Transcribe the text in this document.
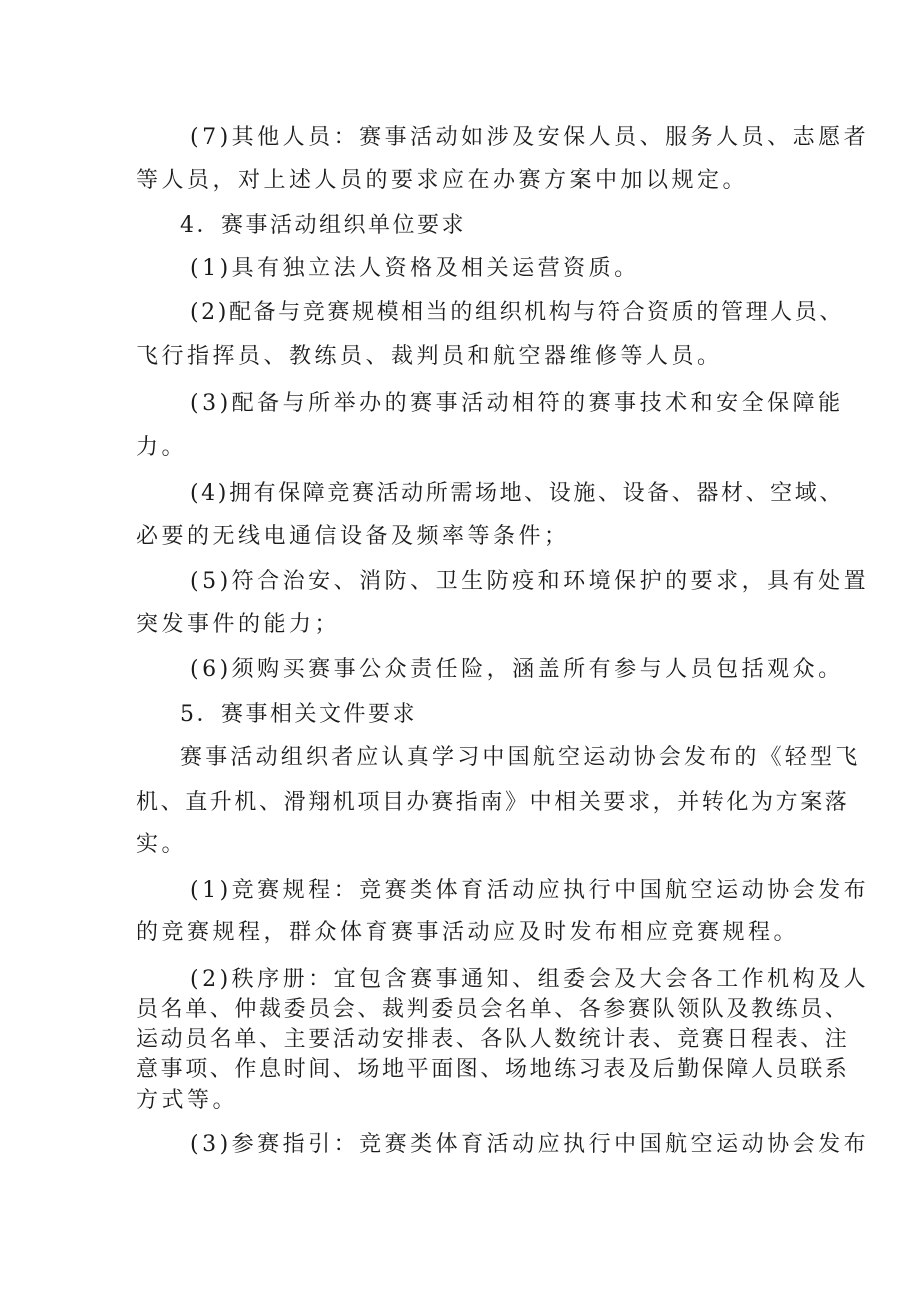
(7)其他人员：赛事活动如涉及安保人员、服务人员、志愿者
等人员，对上述人员的要求应在办赛方案中加以规定。
4．赛事活动组织单位要求
(1)具有独立法人资格及相关运营资质。
(2)配备与竞赛规模相当的组织机构与符合资质的管理人员、
飞行指挥员、教练员、裁判员和航空器维修等人员。
(3)配备与所举办的赛事活动相符的赛事技术和安全保障能
力。
(4)拥有保障竞赛活动所需场地、设施、设备、器材、空域、
必要的无线电通信设备及频率等条件；
(5)符合治安、消防、卫生防疫和环境保护的要求，具有处置
突发事件的能力；
(6)须购买赛事公众责任险，涵盖所有参与人员包括观众。
5．赛事相关文件要求
赛事活动组织者应认真学习中国航空运动协会发布的《轻型飞
机、直升机、滑翔机项目办赛指南》中相关要求，并转化为方案落
实。
(1)竞赛规程：竞赛类体育活动应执行中国航空运动协会发布
的竞赛规程，群众体育赛事活动应及时发布相应竞赛规程。
(2)秩序册：宜包含赛事通知、组委会及大会各工作机构及人
员名单、仲裁委员会、裁判委员会名单、各参赛队领队及教练员、
运动员名单、主要活动安排表、各队人数统计表、竞赛日程表、注
意事项、作息时间、场地平面图、场地练习表及后勤保障人员联系
方式等。
(3)参赛指引：竞赛类体育活动应执行中国航空运动协会发布
